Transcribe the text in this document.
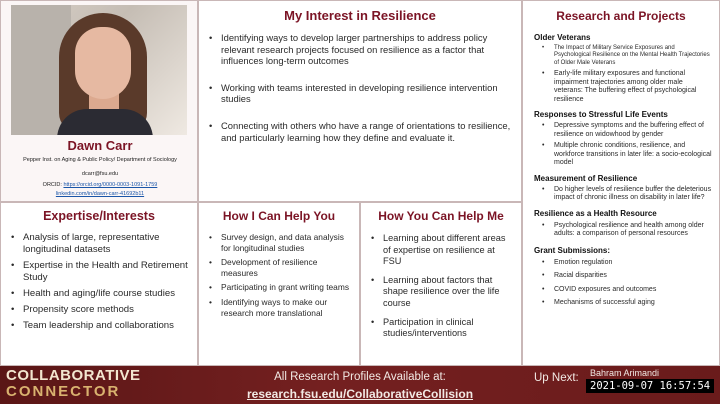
Dawn Carr
Pepper Inst. on Aging & Public Policy/ Department of Sociology
dcarr@fsu.edu
ORCID: https://orcid.org/0000-0003-1091-1759
linkedin.com/in/dawn-carr-41692b11
My Interest in Resilience
• Identifying ways to develop larger partnerships to address policy relevant research projects focused on resilience as a factor that influences long-term outcomes
• Working with teams interested in developing resilience intervention studies
• Connecting with others who have a range of orientations to resilience, and particularly learning how they define and evaluate it.
Research and Projects
Older Veterans
• The Impact of Military Service Exposures and Psychological Resilience on the Mental Health Trajectories of Older Male Veterans
• Early-life military exposures and functional impairment trajectories among older male veterans: The buffering effect of psychological resilience
Responses to Stressful Life Events
• Depressive symptoms and the buffering effect of resilience on widowhood by gender
• Multiple chronic conditions, resilience, and workforce transitions in later life: a socio-ecological model
Measurement of Resilience
• Do higher levels of resilience buffer the deleterious impact of chronic illness on disability in later life?
Resilience as a Health Resource
• Psychological resilience and health among older adults: a comparison of personal resources
Grant Submissions:
• Emotion regulation
• Racial disparities
• COVID exposures and outcomes
• Mechanisms of successful aging
Expertise/Interests
• Analysis of large, representative longitudinal datasets
• Expertise in the Health and Retirement Study
• Health and aging/life course studies
• Propensity score methods
• Team leadership and collaborations
How I Can Help You
• Survey design, and data analysis for longitudinal studies
• Development of resilience measures
• Participating in grant writing teams
• Identifying ways to make our research more translational
How You Can Help Me
• Learning about different areas of expertise on resilience at FSU
• Learning about factors that shape resilience over the life course
• Participation in clinical studies/interventions
COLLABORATIVE
CONNECTOR
All Research Profiles Available at:
research.fsu.edu/CollaborativeCollision
Up Next: Bahram Arimandi
2021-09-07 16:57:54
